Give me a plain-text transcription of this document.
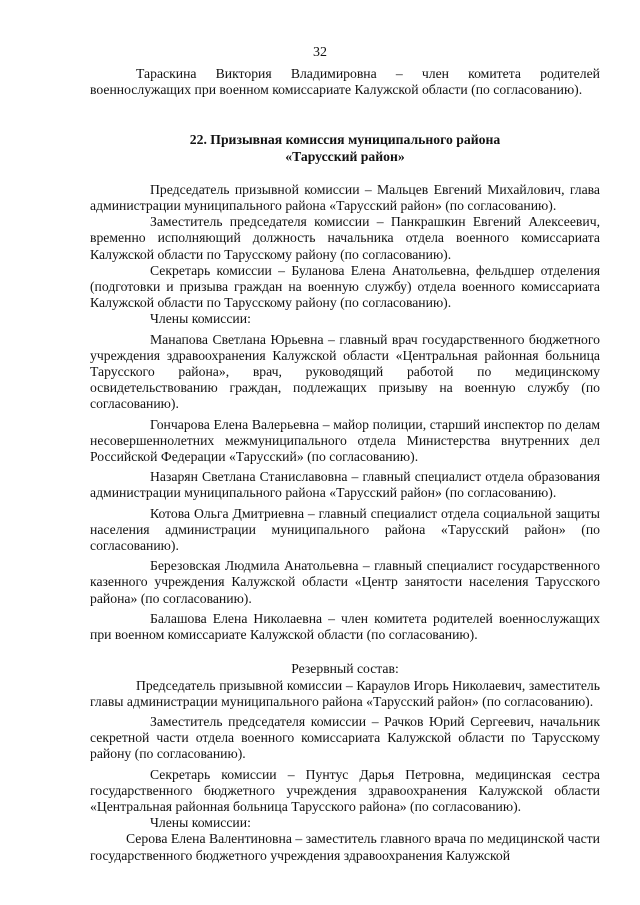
32

Тараскина Виктория Владимировна – член комитета родителей военнослужащих при военном комиссариате Калужской области (по согласованию).

22. Призывная комиссия муниципального района
«Тарусский район»

Председатель призывной комиссии – Мальцев Евгений Михайлович, глава администрации муниципального района «Тарусский район» (по согласованию).

Заместитель председателя комиссии – Панкрашкин Евгений Алексеевич, временно исполняющий должность начальника отдела военного комиссариата Калужской области по Тарусскому району (по согласованию).

Секретарь комиссии – Буланова Елена Анатольевна, фельдшер отделения (подготовки и призыва граждан на военную службу) отдела военного комиссариата Калужской области по Тарусскому району (по согласованию).

Члены комиссии:

Манапова Светлана Юрьевна – главный врач государственного бюджетного учреждения здравоохранения Калужской области «Центральная районная больница Тарусского района», врач, руководящий работой по медицинскому освидетельствованию граждан, подлежащих призыву на военную службу (по согласованию).

Гончарова Елена Валерьевна – майор полиции, старший инспектор по делам несовершеннолетних межмуниципального отдела Министерства внутренних дел Российской Федерации «Тарусский» (по согласованию).

Назарян Светлана Станиславовна – главный специалист отдела образования администрации муниципального района «Тарусский район» (по согласованию).

Котова Ольга Дмитриевна – главный специалист отдела социальной защиты населения администрации муниципального района «Тарусский район» (по согласованию).

Березовская Людмила Анатольевна – главный специалист государственного казенного учреждения Калужской области «Центр занятости населения Тарусского района» (по согласованию).

Балашова Елена Николаевна – член комитета родителей военнослужащих при военном комиссариате Калужской области (по согласованию).

Резервный состав:

Председатель призывной комиссии – Караулов Игорь Николаевич, заместитель главы администрации муниципального района «Тарусский район» (по согласованию).

Заместитель председателя комиссии – Рачков Юрий Сергеевич, начальник секретной части отдела военного комиссариата Калужской области по Тарусскому району (по согласованию).

Секретарь комиссии – Пунтус Дарья Петровна, медицинская сестра государственного бюджетного учреждения здравоохранения Калужской области «Центральная районная больница Тарусского района» (по согласованию).

Члены комиссии:

Серова Елена Валентиновна – заместитель главного врача по медицинской части государственного бюджетного учреждения здравоохранения Калужской
